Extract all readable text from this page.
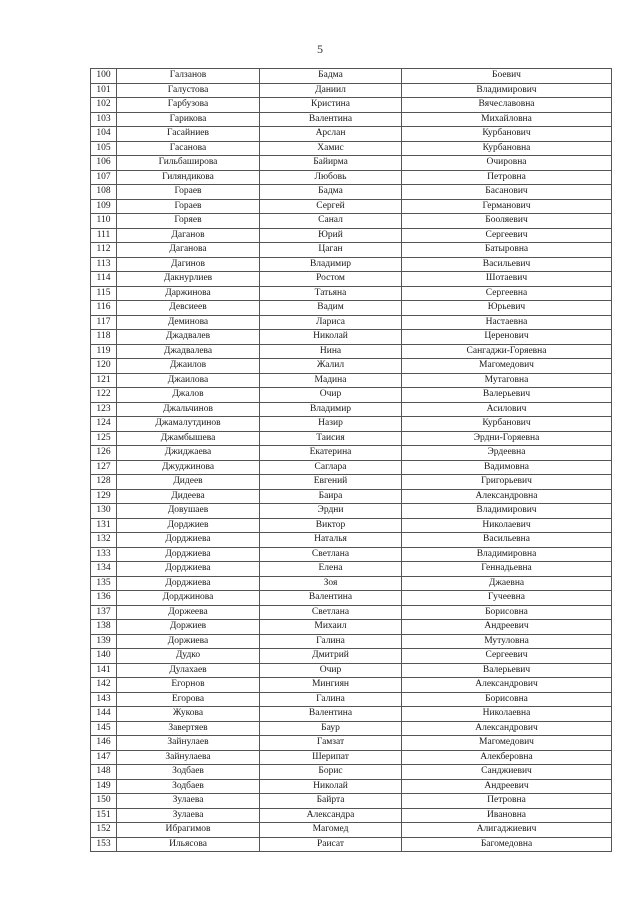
5
100	Галзанов	Бадма	Боевич
101	Галустова	Даниил	Владимирович
102	Гарбузова	Кристина	Вячеславовна
103	Гарикова	Валентина	Михайловна
104	Гасайниев	Арслан	Курбанович
105	Гасанова	Хамис	Курбановна
106	Гильбаширова	Байирма	Очировна
107	Гиляндикова	Любовь	Петровна
108	Гораев	Бадма	Басанович
109	Гораев	Сергей	Германович
110	Горяев	Санал	Бооляевич
111	Даганов	Юрий	Сергеевич
112	Даганова	Цаган	Батыровна
113	Дагинов	Владимир	Васильевич
114	Дакнурлиев	Ростом	Шотаевич
115	Даржинова	Татьяна	Сергеевна
116	Девсиеев	Вадим	Юрьевич
117	Деминова	Лариса	Настаевна
118	Джадвалев	Николай	Церенович
119	Джадвалева	Нина	Сангаджи-Горяевна
120	Джаилов	Жалил	Магомедович
121	Джаилова	Мадина	Мутаговна
122	Джалов	Очир	Валерьевич
123	Джальчинов	Владимир	Асилович
124	Джамалутдинов	Назир	Курбанович
125	Джамбышева	Таисия	Эрдни-Горяевна
126	Джиджаева	Екатерина	Эрдеевна
127	Джуджинова	Саглара	Вадимовна
128	Дидеев	Евгений	Григорьевич
129	Дидеева	Баира	Александровна
130	Довушаев	Эрдни	Владимирович
131	Дорджиев	Виктор	Николаевич
132	Дорджиева	Наталья	Васильевна
133	Дорджиева	Светлана	Владимировна
134	Дорджиева	Елена	Геннадьевна
135	Дорджиева	Зоя	Джаевна
136	Дорджинова	Валентина	Гучеевна
137	Доржеева	Светлана	Борисовна
138	Доржиев	Михаил	Андреевич
139	Доржиева	Галина	Мутуловна
140	Дудко	Дмитрий	Сергеевич
141	Дулахаев	Очир	Валерьевич
142	Егорнов	Мингиян	Александрович
143	Егорова	Галина	Борисовна
144	Жукова	Валентина	Николаевна
145	Завертяев	Баур	Александрович
146	Зайнулаев	Гамзат	Магомедович
147	Зайнулаева	Шерипат	Алекберовна
148	Зодбаев	Борис	Санджиевич
149	Зодбаев	Николай	Андреевич
150	Зулаева	Байрта	Петровна
151	Зулаева	Александра	Ивановна
152	Ибрагимов	Магомед	Алигаджиевич
153	Ильясова	Раисат	Багомедовна
